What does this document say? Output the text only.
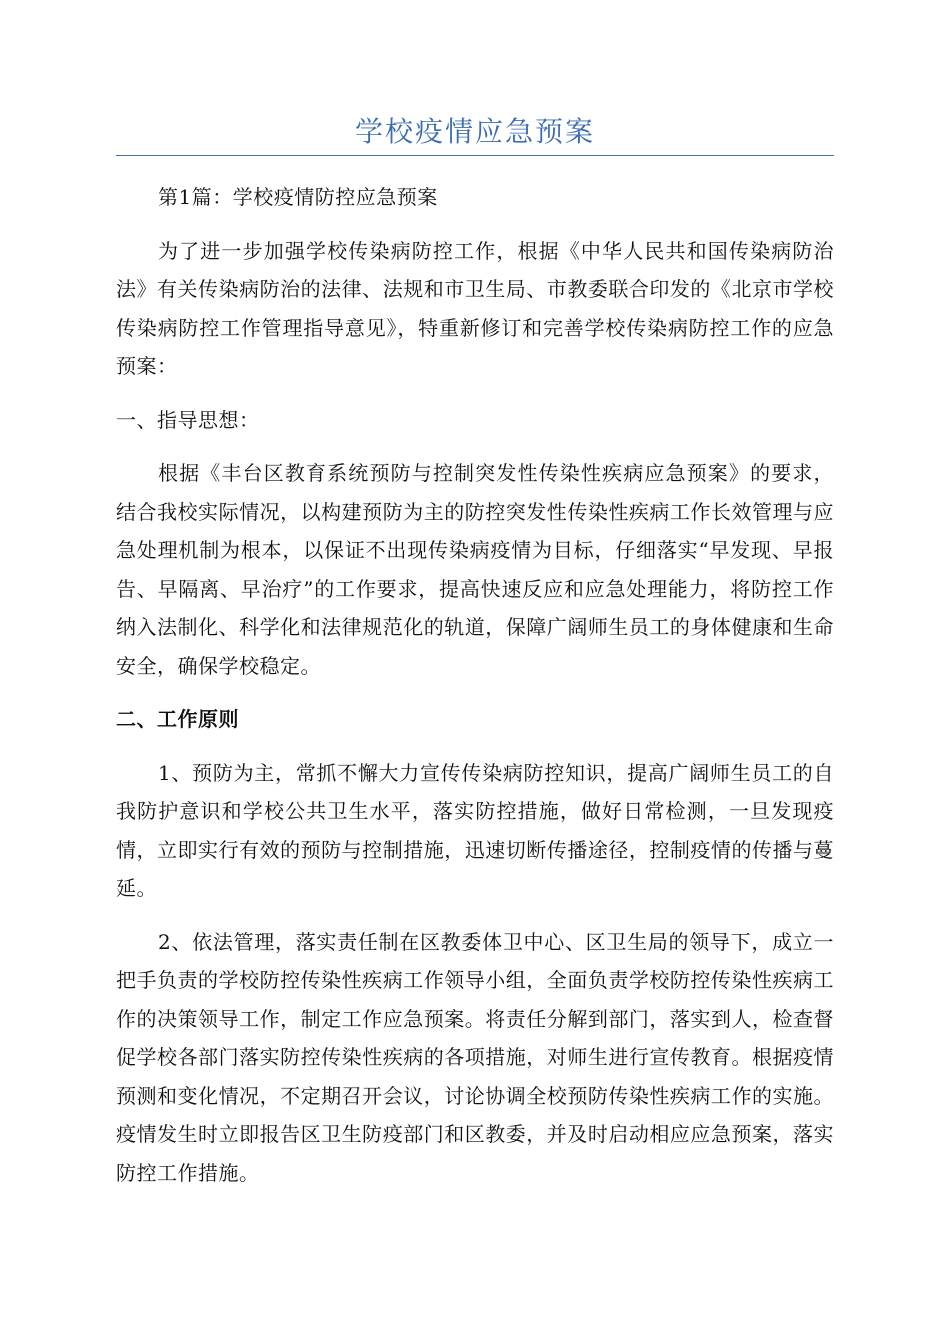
学校疫情应急预案

第1篇：学校疫情防控应急预案

为了进一步加强学校传染病防控工作，根据《中华人民共和国传染病防治法》有关传染病防治的法律、法规和市卫生局、市教委联合印发的《北京市学校传染病防控工作管理指导意见》，特重新修订和完善学校传染病防控工作的应急预案：

一、指导思想：

根据《丰台区教育系统预防与控制突发性传染性疾病应急预案》的要求，结合我校实际情况，以构建预防为主的防控突发性传染性疾病工作长效管理与应急处理机制为根本，以保证不出现传染病疫情为目标，仔细落实“早发现、早报告、早隔离、早治疗”的工作要求，提高快速反应和应急处理能力，将防控工作纳入法制化、科学化和法律规范化的轨道，保障广阔师生员工的身体健康和生命安全，确保学校稳定。

二、工作原则

1、预防为主，常抓不懈大力宣传传染病防控知识，提高广阔师生员工的自我防护意识和学校公共卫生水平，落实防控措施，做好日常检测，一旦发现疫情，立即实行有效的预防与控制措施，迅速切断传播途径，控制疫情的传播与蔓延。

2、依法管理，落实责任制在区教委体卫中心、区卫生局的领导下，成立一把手负责的学校防控传染性疾病工作领导小组，全面负责学校防控传染性疾病工作的决策领导工作，制定工作应急预案。将责任分解到部门，落实到人，检查督促学校各部门落实防控传染性疾病的各项措施，对师生进行宣传教育。根据疫情预测和变化情况，不定期召开会议，讨论协调全校预防传染性疾病工作的实施。疫情发生时立即报告区卫生防疫部门和区教委，并及时启动相应应急预案，落实防控工作措施。
